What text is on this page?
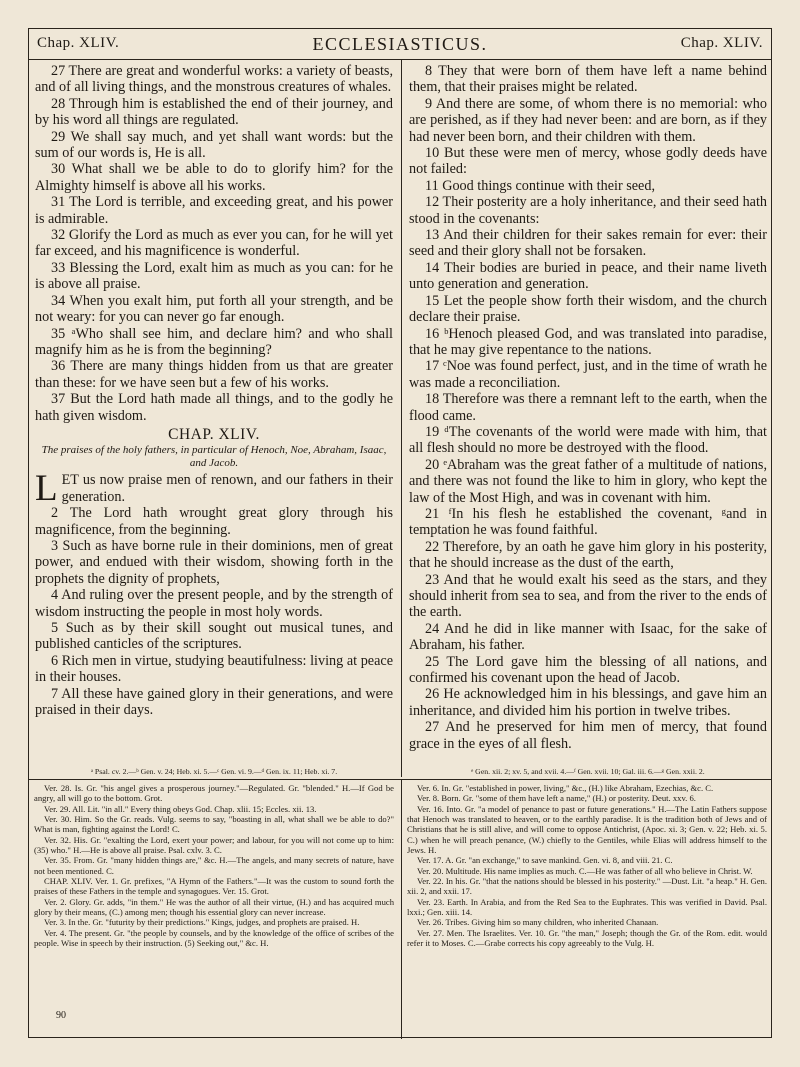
Chap. XLIV.	ECCLESIASTICUS.	Chap. XLIV.

27 There are great and wonderful works: a variety of beasts, and of all living things, and the monstrous creatures of whales.

28 Through him is established the end of their journey, and by his word all things are regulated.

29 We shall say much, and yet shall want words: but the sum of our words is, He is all.

30 What shall we be able to do to glorify him? for the Almighty himself is above all his works.

31 The Lord is terrible, and exceeding great, and his power is admirable.

32 Glorify the Lord as much as ever you can, for he will yet far exceed, and his magnificence is wonderful.

33 Blessing the Lord, exalt him as much as you can: for he is above all praise.

34 When you exalt him, put forth all your strength, and be not weary: for you can never go far enough.

35 ᵃWho shall see him, and declare him? and who shall magnify him as he is from the beginning?

36 There are many things hidden from us that are greater than these: for we have seen but a few of his works.

37 But the Lord hath made all things, and to the godly he hath given wisdom.

CHAP. XLIV.
The praises of the holy fathers, in particular of Henoch, Noe, Abraham, Isaac, and Jacob.

LET us now praise men of renown, and our fathers in their generation.

2 The Lord hath wrought great glory through his magnificence, from the beginning.

3 Such as have borne rule in their dominions, men of great power, and endued with their wisdom, showing forth in the prophets the dignity of prophets,

4 And ruling over the present people, and by the strength of wisdom instructing the people in most holy words.

5 Such as by their skill sought out musical tunes, and published canticles of the scriptures.

6 Rich men in virtue, studying beautifulness: living at peace in their houses.

7 All these have gained glory in their generations, and were praised in their days.

8 They that were born of them have left a name behind them, that their praises might be related.

9 And there are some, of whom there is no memorial: who are perished, as if they had never been: and are born, as if they had never been born, and their children with them.

10 But these were men of mercy, whose godly deeds have not failed:

11 Good things continue with their seed,

12 Their posterity are a holy inheritance, and their seed hath stood in the covenants:

13 And their children for their sakes remain for ever: their seed and their glory shall not be forsaken.

14 Their bodies are buried in peace, and their name liveth unto generation and generation.

15 Let the people show forth their wisdom, and the church declare their praise.

16 ᵇHenoch pleased God, and was translated into paradise, that he may give repentance to the nations.

17 ᶜNoe was found perfect, just, and in the time of wrath he was made a reconciliation.

18 Therefore was there a remnant left to the earth, when the flood came.

19 ᵈThe covenants of the world were made with him, that all flesh should no more be destroyed with the flood.

20 ᵉAbraham was the great father of a multitude of nations, and there was not found the like to him in glory, who kept the law of the Most High, and was in covenant with him.

21 ᶠIn his flesh he established the covenant, ᵍand in temptation he was found faithful.

22 Therefore, by an oath he gave him glory in his posterity, that he should increase as the dust of the earth,

23 And that he would exalt his seed as the stars, and they should inherit from sea to sea, and from the river to the ends of the earth.

24 And he did in like manner with Isaac, for the sake of Abraham, his father.

25 The Lord gave him the blessing of all nations, and confirmed his covenant upon the head of Jacob.

26 He acknowledged him in his blessings, and gave him an inheritance, and divided him his portion in twelve tribes.

27 And he preserved for him men of mercy, that found grace in the eyes of all flesh.

ᵃ Psal. cv. 2.—ᵇ Gen. v. 24; Heb. xi. 5.—ᶜ Gen. vi. 9.—ᵈ Gen. ix. 11; Heb. xi. 7.	ᵉ Gen. xii. 2; xv. 5, and xvii. 4.—ᶠ Gen. xvii. 10; Gal. iii. 6.—ᵍ Gen. xxii. 2.

Ver. 28. Is. Gr. "his angel gives a prosperous journey."—Regulated. Gr. "blended." H.—If God be angry, all will go to the bottom. Grot.

Ver. 29. All. Lit. "in all." Every thing obeys God. Chap. xlii. 15; Eccles. xii. 13.

Ver. 30. Him. So the Gr. reads. Vulg. seems to say, "boasting in all, what shall we be able to do?" What is man, fighting against the Lord! C.

Ver. 32. His. Gr. "exalting the Lord, exert your power; and labour, for you will not come up to him: (35) who." H.—He is above all praise. Psal. cxlv. 3. C.

Ver. 35. From. Gr. "many hidden things are," &c. H.—The angels, and many secrets of nature, have not been mentioned. C.

CHAP. XLIV. Ver. 1. Gr. prefixes, "A Hymn of the Fathers."—It was the custom to sound forth the praises of these Fathers in the temple and synagogues. Ver. 15. Grot.

Ver. 2. Glory. Gr. adds, "in them." He was the author of all their virtue, (H.) and has acquired much glory by their means, (C.) among men; though his essential glory can never increase.

Ver. 3. In the. Gr. "futurity by their predictions." Kings, judges, and prophets are praised. H.

Ver. 4. The present. Gr. "the people by counsels, and by the knowledge of the office of scribes of the people. Wise in speech by their instruction. (5) Seeking out," &c. H.

Ver. 6. In. Gr. "established in power, living," &c., (H.) like Abraham, Ezechias, &c. C.

Ver. 8. Born. Gr. "some of them have left a name," (H.) or posterity. Deut. xxv. 6.

Ver. 16. Into. Gr. "a model of penance to past or future generations." H.—The Latin Fathers suppose that Henoch was translated to heaven, or to the earthly paradise. It is the tradition both of Jews and of Christians that he is still alive, and will come to oppose Antichrist, (Apoc. xi. 3; Gen. v. 22; Heb. xi. 5. C.) when he will preach penance, (W.) chiefly to the Gentiles, while Elias will address himself to the Jews. H.

Ver. 17. A. Gr. "an exchange," to save mankind. Gen. vi. 8, and viii. 21. C.

Ver. 20. Multitude. His name implies as much. C.—He was father of all who believe in Christ. W.

Ver. 22. In his. Gr. "that the nations should be blessed in his posterity." —Dust. Lit. "a heap." H. Gen. xii. 2, and xxii. 17.

Ver. 23. Earth. In Arabia, and from the Red Sea to the Euphrates. This was verified in David. Psal. lxxi.; Gen. xiii. 14.

Ver. 26. Tribes. Giving him so many children, who inherited Chanaan.

Ver. 27. Men. The Israelites. Ver. 10. Gr. "the man," Joseph; though the Gr. of the Rom. edit. would refer it to Moses. C.—Grabe corrects his copy agreeably to the Vulg. H.

90
